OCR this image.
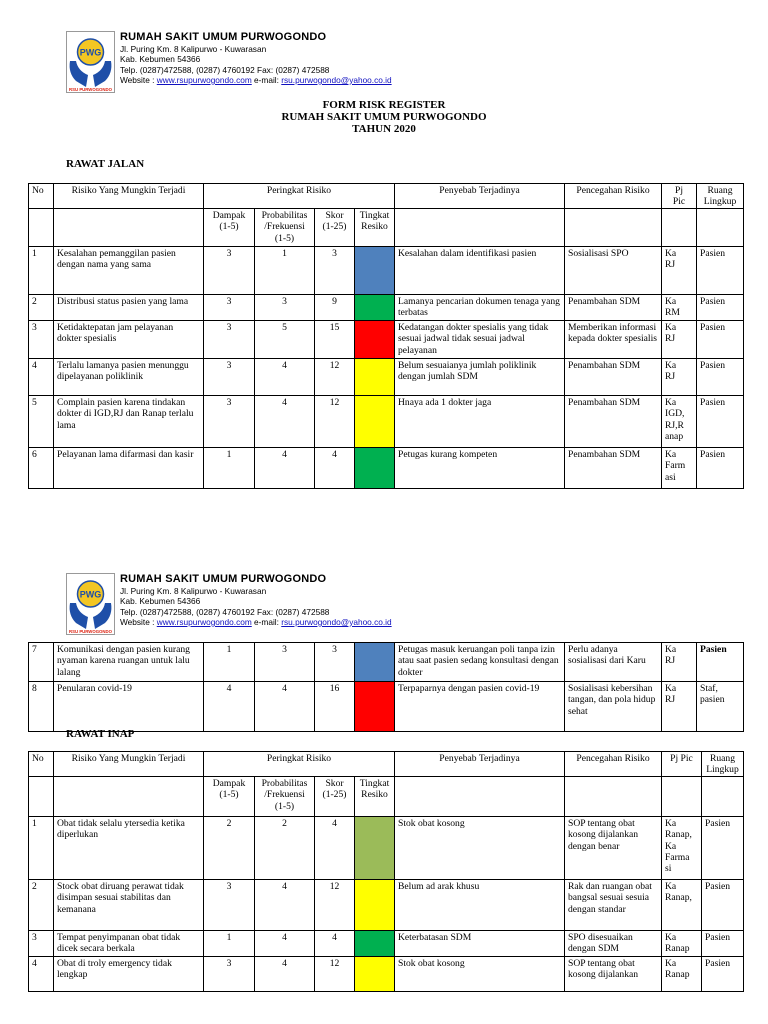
PWG
RSU PURWOGONDO
RUMAH SAKIT UMUM PURWOGONDO
Jl. Puring Km. 8 Kalipurwo - Kuwarasan
Kab. Kebumen 54366
Telp. (0287)472588, (0287) 4760192 Fax: (0287) 472588
Website : www.rsupurwogondo.com e-mail: rsu.purwogondo@yahoo.co.id
FORM RISK REGISTER
RUMAH SAKIT UMUM PURWOGONDO
TAHUN 2020
RAWAT JALAN
No	Risiko Yang Mungkin Terjadi	Peringkat Risiko				Penyebab Terjadinya	Pencegahan Risiko	Pj
Pic	Ruang
Lingkup
		Dampak
(1-5)	Probabilitas
/Frekuensi
(1-5)	Skor
(1-25)	Tingkat
Resiko				
1	Kesalahan pemanggilan pasien dengan nama yang sama	3	1	3		Kesalahan dalam identifikasi pasien	Sosialisasi SPO	Ka
RJ	Pasien
2	Distribusi status pasien yang lama	3	3	9		Lamanya pencarian dokumen tenaga yang terbatas	Penambahan SDM	Ka
RM	Pasien
3	Ketidaktepatan jam pelayanan dokter spesialis	3	5	15		Kedatangan dokter spesialis yang tidak sesuai jadwal tidak sesuai jadwal pelayanan	Memberikan informasi kepada dokter spesialis	Ka
RJ	Pasien
4	Terlalu lamanya pasien menunggu dipelayanan poliklinik	3	4	12		Belum sesuaianya jumlah poliklinik dengan jumlah SDM	Penambahan SDM	Ka
RJ	Pasien
5	Complain pasien karena tindakan dokter di IGD,RJ dan Ranap terlalu lama	3	4	12		Hnaya ada 1 dokter jaga	Penambahan SDM	Ka
IGD,
RJ,R
anap	Pasien
6	Pelayanan lama difarmasi dan kasir	1	4	4		Petugas kurang kompeten	Penambahan SDM	Ka
Farm
asi	Pasien
PWG
RSU PURWOGONDO
RUMAH SAKIT UMUM PURWOGONDO
Jl. Puring Km. 8 Kalipurwo - Kuwarasan
Kab. Kebumen 54366
Telp. (0287)472588, (0287) 4760192 Fax: (0287) 472588
Website : www.rsupurwogondo.com e-mail: rsu.purwogondo@yahoo.co.id
7	Komunikasi dengan pasien kurang nyaman karena ruangan untuk lalu lalang	1	3	3		Petugas masuk keruangan poli tanpa izin atau saat pasien sedang konsultasi dengan dokter	Perlu adanya sosialisasi dari Karu	Ka
RJ	Pasien
8	Penularan covid-19	4	4	16		Terpaparnya dengan pasien covid-19	Sosialisasi kebersihan tangan, dan pola hidup sehat	Ka
RJ	Staf,
pasien
RAWAT INAP
No	Risiko Yang Mungkin Terjadi	Peringkat Risiko				Penyebab Terjadinya	Pencegahan Risiko	Pj Pic	Ruang
Lingkup
		Dampak
(1-5)	Probabilitas
/Frekuensi
(1-5)	Skor
(1-25)	Tingkat
Resiko				
1	Obat tidak selalu ytersedia ketika diperlukan	2	2	4		Stok obat kosong	SOP tentang obat kosong dijalankan dengan benar	Ka
Ranap,
Ka
Farma
si	Pasien
2	Stock obat diruang perawat tidak disimpan sesuai stabilitas dan kemanana	3	4	12		Belum ad arak khusu	Rak dan ruangan obat bangsal sesuai sesuia dengan standar	Ka
Ranap,	Pasien
3	Tempat penyimpanan obat tidak dicek secara berkala	1	4	4		Keterbatasan SDM	SPO disesuaikan dengan SDM	Ka
Ranap	Pasien
4	Obat di troly emergency tidak lengkap	3	4	12		Stok obat kosong	SOP tentang obat kosong dijalankan	Ka
Ranap	Pasien
